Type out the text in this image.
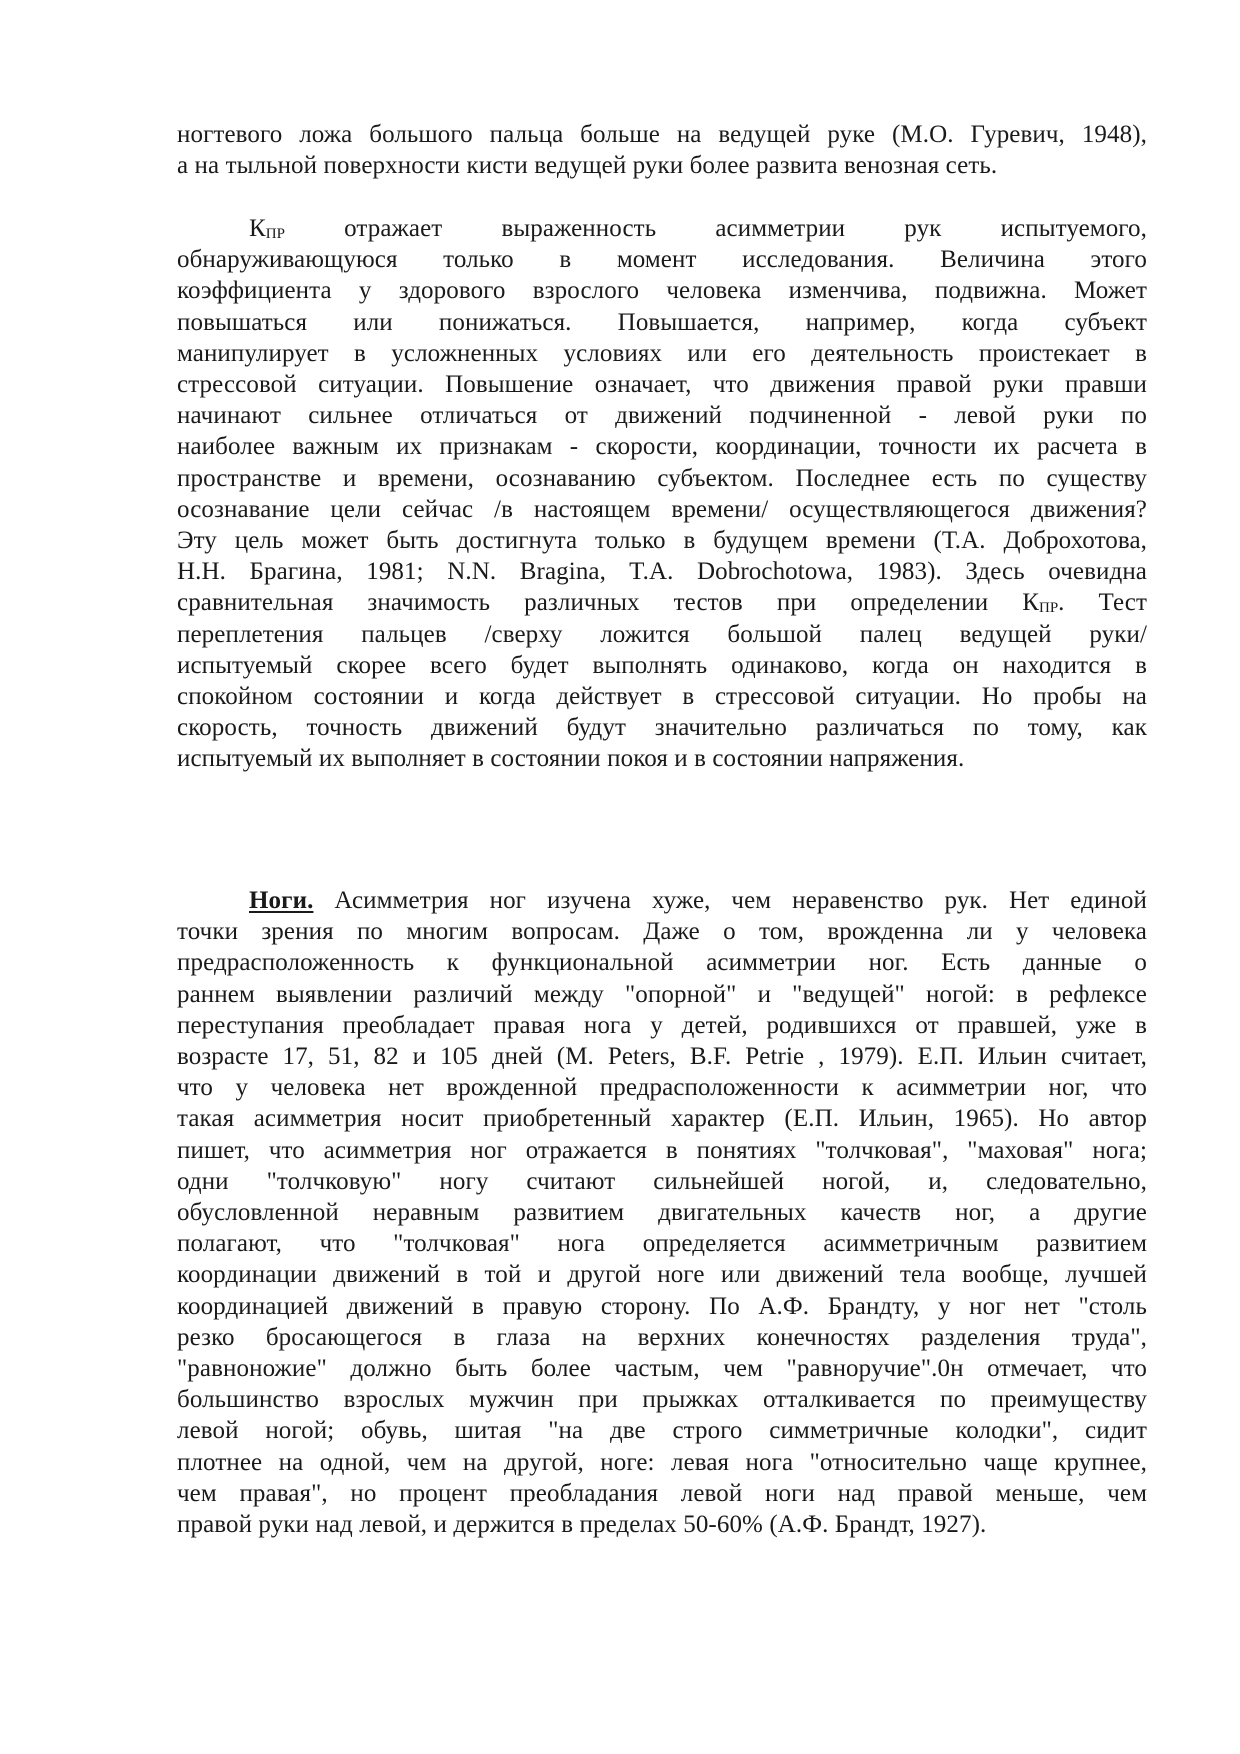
ногтевого ложа большого пальца больше на ведущей руке (М.О. Гуревич, 1948),
а на тыльной поверхности кисти ведущей руки более развита венозная сеть.
$К_{ПР}$ отражает выраженность асимметрии рук испытуемого,
обнаруживающуюся только в момент исследования. Величина этого
коэффициента у здорового взрослого человека изменчива, подвижна. Может
повышаться или понижаться. Повышается, например, когда субъект
манипулирует в усложненных условиях или его деятельность проистекает в
стрессовой ситуации. Повышение означает, что движения правой руки правши
начинают сильнее отличаться от движений подчиненной - левой руки по
наиболее важным их признакам - скорости, координации, точности их расчета в
пространстве и времени, осознаванию субъектом. Последнее есть по существу
осознавание цели сейчас /в настоящем времени/ осуществляющегося движения?
Эту цель может быть достигнута только в будущем времени (Т.А. Доброхотова,
Н.Н. Брагина, 1981; N.N. Bragina, T.A. Dobrochotowa, 1983). Здесь очевидна
сравнительная значимость различных тестов при определении $К_{ПР}$. Тест
переплетения пальцев /сверху ложится большой палец ведущей руки/
испытуемый скорее всего будет выполнять одинаково, когда он находится в
спокойном состоянии и когда действует в стрессовой ситуации. Но пробы на
скорость, точность движений будут значительно различаться по тому, как
испытуемый их выполняет в состоянии покоя и в состоянии напряжения.
Ноги. Асимметрия ног изучена хуже, чем неравенство рук. Нет единой
точки зрения по многим вопросам. Даже о том, врожденна ли у человека
предрасположенность к функциональной асимметрии ног. Есть данные о
раннем выявлении различий между "опорной" и "ведущей" ногой: в рефлексе
переступания преобладает правая нога у детей, родившихся от правшей, уже в
возрасте 17, 51, 82 и 105 дней (M. Peters, B.F. Petrie , 1979). Е.П. Ильин считает,
что у человека нет врожденной предрасположенности к асимметрии ног, что
такая асимметрия носит приобретенный характер (Е.П. Ильин, 1965). Но автор
пишет, что асимметрия ног отражается в понятиях "толчковая", "маховая" нога;
одни "толчковую" ногу считают сильнейшей ногой, и, следовательно,
обусловленной неравным развитием двигательных качеств ног, а другие
полагают, что "толчковая" нога определяется асимметричным развитием
координации движений в той и другой ноге или движений тела вообще, лучшей
координацией движений в правую сторону. По А.Ф. Брандту, у ног нет "столь
резко бросающегося в глаза на верхних конечностях разделения труда",
"равноножие" должно быть более частым, чем "равноручие".0н отмечает, что
большинство взрослых мужчин при прыжках отталкивается по преимуществу
левой ногой; обувь, шитая "на две строго симметричные колодки", сидит
плотнее на одной, чем на другой, ноге: левая нога "относительно чаще крупнее,
чем правая", но процент преобладания левой ноги над правой меньше, чем
правой руки над левой, и держится в пределах 50-60% (А.Ф. Брандт, 1927).
